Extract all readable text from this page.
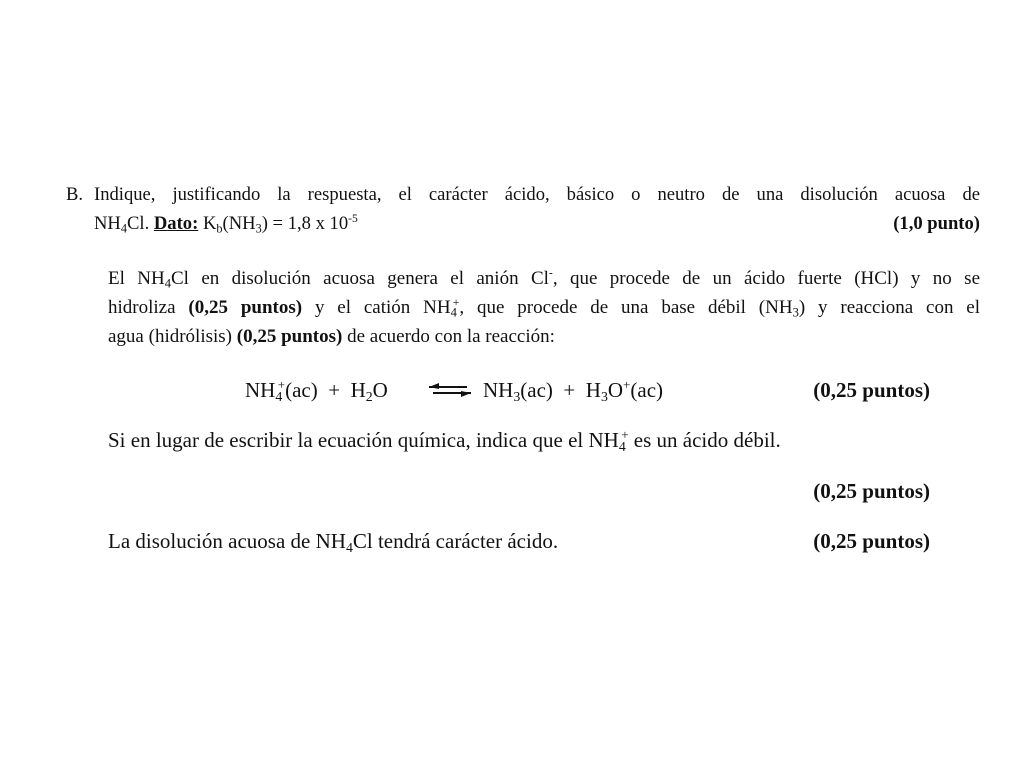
B. Indique, justificando la respuesta, el carácter ácido, básico o neutro de una disolución acuosa de
$NH_4Cl$. Dato: $K_b(NH_3) = 1,8$ x $10^{-5}$	(1,0 punto)
El $NH_4Cl$ en disolución acuosa genera el anión Cl-, que procede de un ácido fuerte (HCl) y no se
hidroliza (0,25 puntos) y el catión $NH_4^+$, que procede de una base débil $(NH_3)$ y reacciona con el
agua (hidrólisis) (0,25 puntos) de acuerdo con la reacción:
$NH_4^+(ac) + H_2O$ ⇌ $NH_3(ac) + H_3O^+(ac)$	(0,25 puntos)
Si en lugar de escribir la ecuación química, indica que el $NH_4^+$ es un ácido débil.
(0,25 puntos)
La disolución acuosa de $NH_4Cl$ tendrá carácter ácido.	(0,25 puntos)
